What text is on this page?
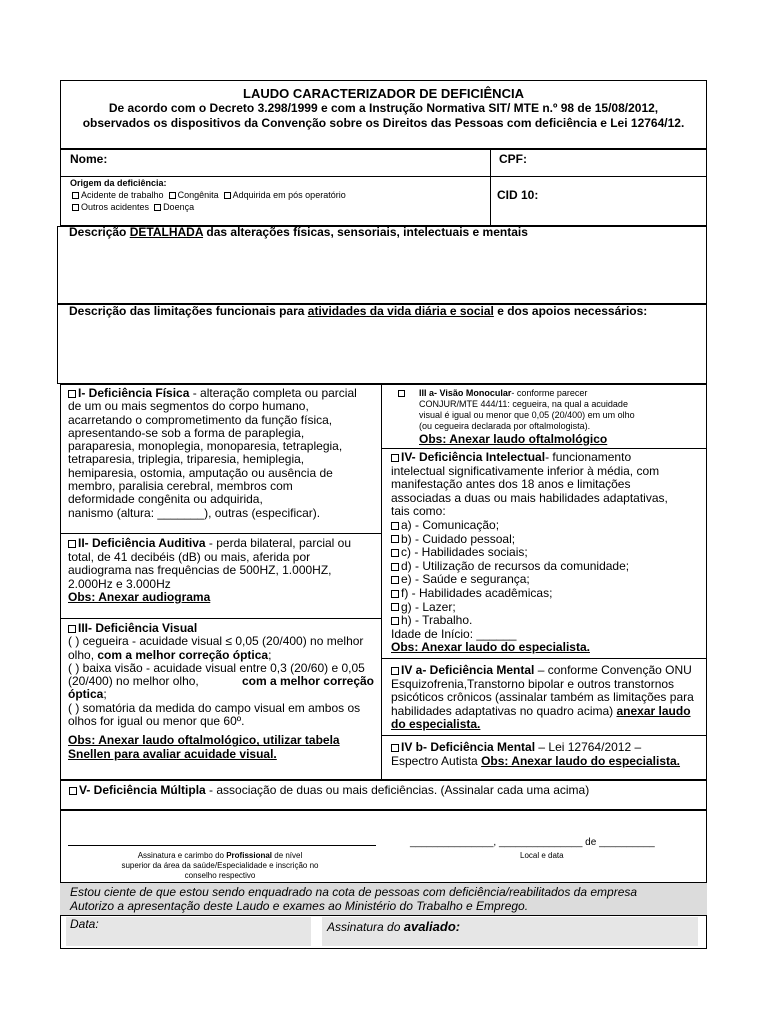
LAUDO CARACTERIZADOR DE DEFICIÊNCIA
De acordo com o Decreto 3.298/1999 e com a Instrução Normativa SIT/ MTE n.º 98 de 15/08/2012,
observados os dispositivos da Convenção sobre os Direitos das Pessoas com deficiência e Lei 12764/12.
Nome:	CPF:
Origem da deficiência:
Acidente de trabalho Congênita Adquirida em pós operatório
Outros acidentes Doença
CID 10:
Descrição DETALHADA das alterações físicas, sensoriais, intelectuais e mentais
Descrição das limitações funcionais para atividades da vida diária e social e dos apoios necessários:
I- Deficiência Física - alteração completa ou parcial
de um ou mais segmentos do corpo humano,
acarretando o comprometimento da função física,
apresentando-se sob a forma de paraplegia,
paraparesia, monoplegia, monoparesia, tetraplegia,
tetraparesia, triplegia, triparesia, hemiplegia,
hemiparesia, ostomia, amputação ou ausência de
membro, paralisia cerebral, membros com
deformidade congênita ou adquirida,
nanismo (altura: _______), outras (especificar).
III a- Visão Monocular- conforme parecer
CONJUR/MTE 444/11: cegueira, na qual a acuidade
visual é igual ou menor que 0,05 (20/400) em um olho
(ou cegueira declarada por oftalmologista).
Obs: Anexar laudo oftalmológico
IV- Deficiência Intelectual- funcionamento
intelectual significativamente inferior à média, com
manifestação antes dos 18 anos e limitações
associadas a duas ou mais habilidades adaptativas,
tais como:
a) - Comunicação;
b) - Cuidado pessoal;
c) - Habilidades sociais;
d) - Utilização de recursos da comunidade;
e) - Saúde e segurança;
f) - Habilidades acadêmicas;
g) - Lazer;
h) - Trabalho.
Idade de Início: ______
Obs: Anexar laudo do especialista.
II- Deficiência Auditiva - perda bilateral, parcial ou
total, de 41 decibéis (dB) ou mais, aferida por
audiograma nas frequências de 500HZ, 1.000HZ,
2.000Hz e 3.000Hz
Obs: Anexar audiograma
III- Deficiência Visual
( ) cegueira - acuidade visual ≤ 0,05 (20/400) no melhor
olho, com a melhor correção óptica;
( ) baixa visão - acuidade visual entre 0,3 (20/60) e 0,05
(20/400) no melhor olho,	com a melhor correção
óptica;
( ) somatória da medida do campo visual em ambos os
olhos for igual ou menor que 60º.
Obs: Anexar laudo oftalmológico, utilizar tabela
Snellen para avaliar acuidade visual.
IV a- Deficiência Mental – conforme Convenção ONU
Esquizofrenia,Transtorno bipolar e outros transtornos
psicóticos crônicos (assinalar também as limitações para
habilidades adaptativas no quadro acima) anexar laudo
do especialista.
IV b- Deficiência Mental – Lei 12764/2012 –
Espectro Autista Obs: Anexar laudo do especialista.
V- Deficiência Múltipla - associação de duas ou mais deficiências. (Assinalar cada uma acima)
Assinatura e carimbo do Profissional de nível
superior da área da saúde/Especialidade e inscrição no
conselho respectivo
_______________, _______________ de __________
Local e data
Estou ciente de que estou sendo enquadrado na cota de pessoas com deficiência/reabilitados da empresa
Autorizo a apresentação deste Laudo e exames ao Ministério do Trabalho e Emprego.
Data:	Assinatura do avaliado:
